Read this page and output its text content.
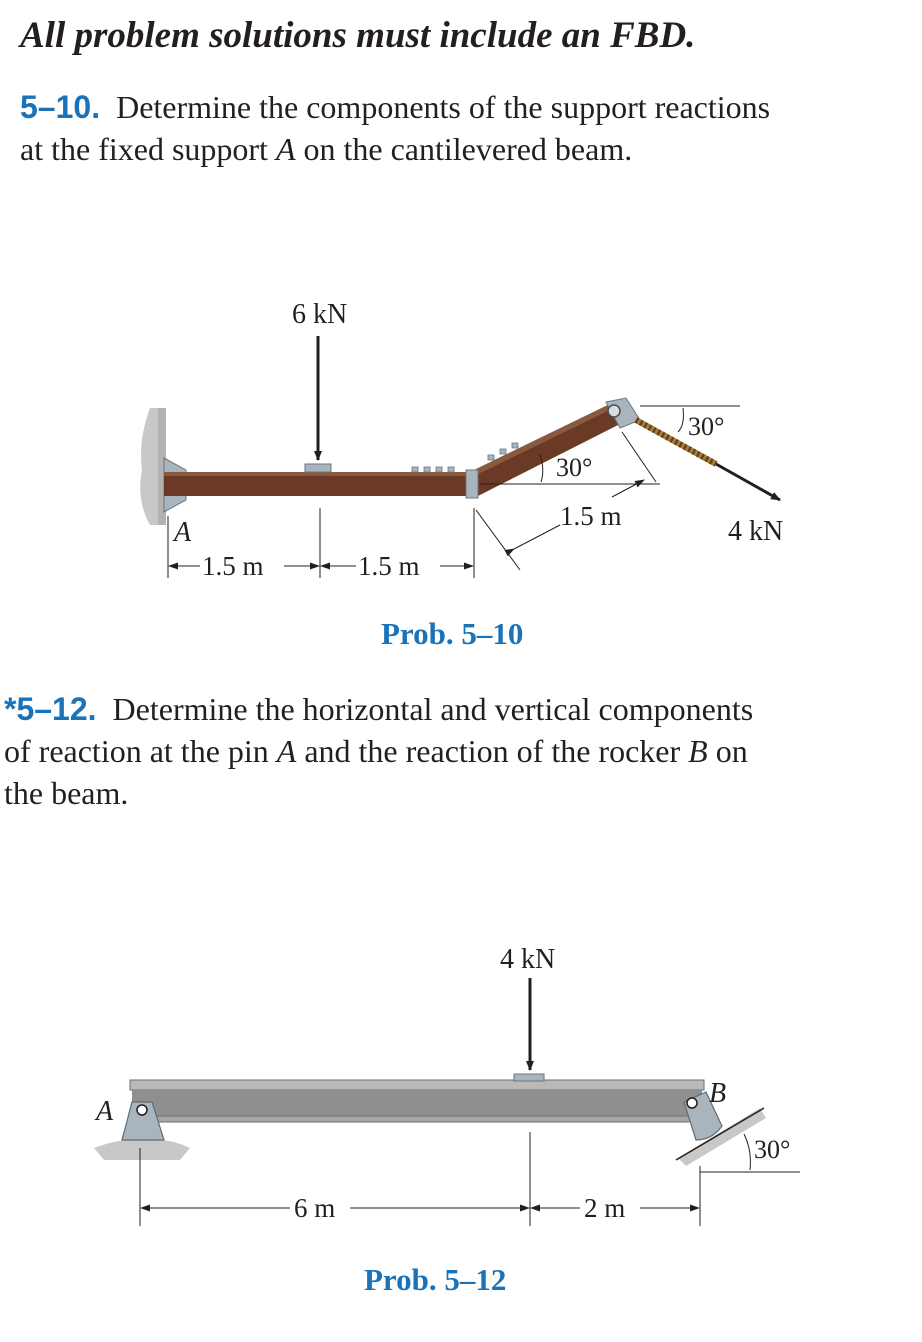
All problem solutions must include an FBD.
5–10. Determine the components of the support reactions
at the fixed support A on the cantilevered beam.
6 kN
4 kN
30°
30°
1.5 m
A
1.5 m	1.5 m
Prob. 5–10
*5–12. Determine the horizontal and vertical components
of reaction at the pin A and the reaction of the rocker B on
the beam.
4 kN
A
B
30°
6 m	2 m
Prob. 5–12
